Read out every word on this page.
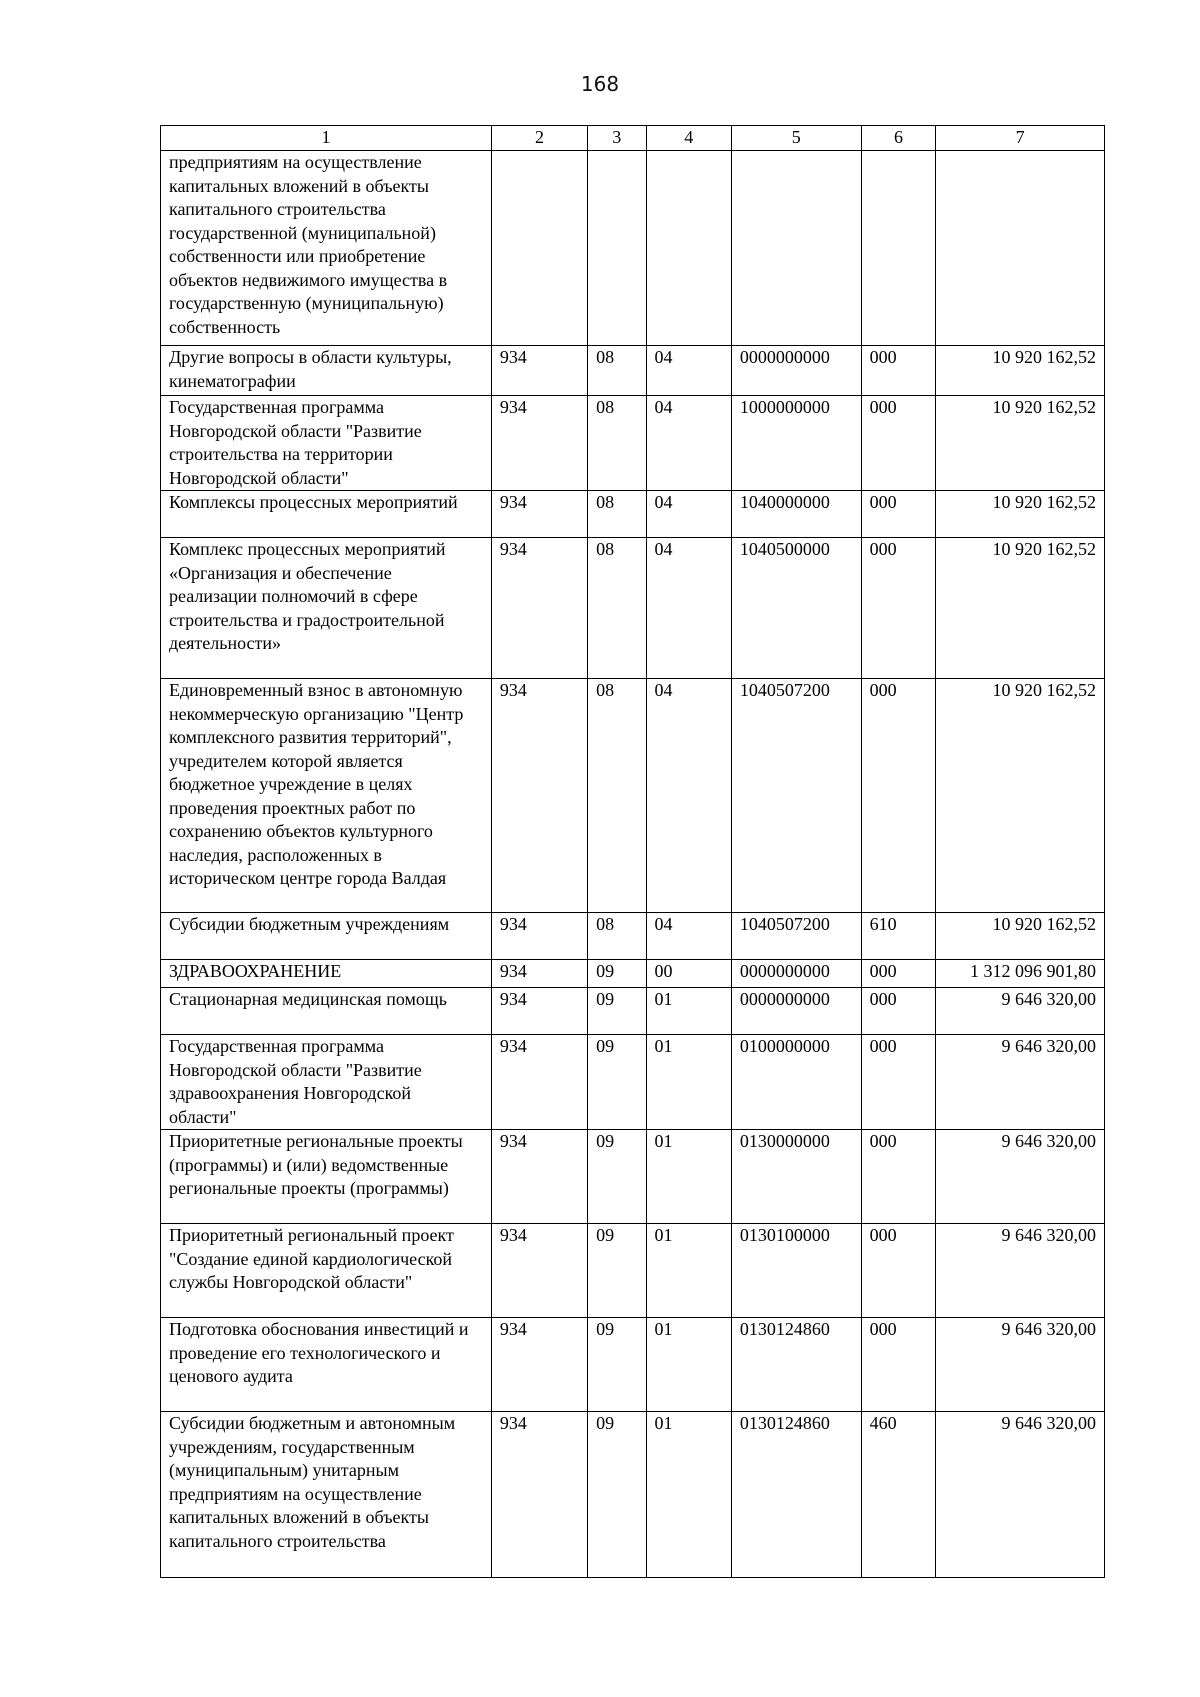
168
1	2	3	4	5	6	7
предприятиям на осуществление капитальных вложений в объекты капитального строительства государственной (муниципальной) собственности или приобретение объектов недвижимого имущества в государственную (муниципальную) собственность						
Другие вопросы в области культуры, кинематографии	934	08	04	0000000000	000	10 920 162,52
Государственная программа Новгородской области "Развитие строительства на территории Новгородской области"	934	08	04	1000000000	000	10 920 162,52
Комплексы процессных мероприятий	934	08	04	1040000000	000	10 920 162,52
Комплекс процессных мероприятий «Организация и обеспечение реализации полномочий в сфере строительства и градостроительной деятельности»	934	08	04	1040500000	000	10 920 162,52
Единовременный взнос в автономную некоммерческую организацию "Центр комплексного развития территорий", учредителем которой является бюджетное учреждение в целях проведения проектных работ по сохранению объектов культурного наследия, расположенных в историческом центре города Валдая	934	08	04	1040507200	000	10 920 162,52
Субсидии бюджетным учреждениям	934	08	04	1040507200	610	10 920 162,52
ЗДРАВООХРАНЕНИЕ	934	09	00	0000000000	000	1 312 096 901,80
Стационарная медицинская помощь	934	09	01	0000000000	000	9 646 320,00
Государственная программа Новгородской области "Развитие здравоохранения Новгородской области"	934	09	01	0100000000	000	9 646 320,00
Приоритетные региональные проекты (программы) и (или) ведомственные региональные проекты (программы)	934	09	01	0130000000	000	9 646 320,00
Приоритетный региональный проект "Создание единой кардиологической службы Новгородской области"	934	09	01	0130100000	000	9 646 320,00
Подготовка обоснования инвестиций и проведение его технологического и ценового аудита	934	09	01	0130124860	000	9 646 320,00
Субсидии бюджетным и автономным учреждениям, государственным (муниципальным) унитарным предприятиям на осуществление капитальных вложений в объекты капитального строительства	934	09	01	0130124860	460	9 646 320,00
